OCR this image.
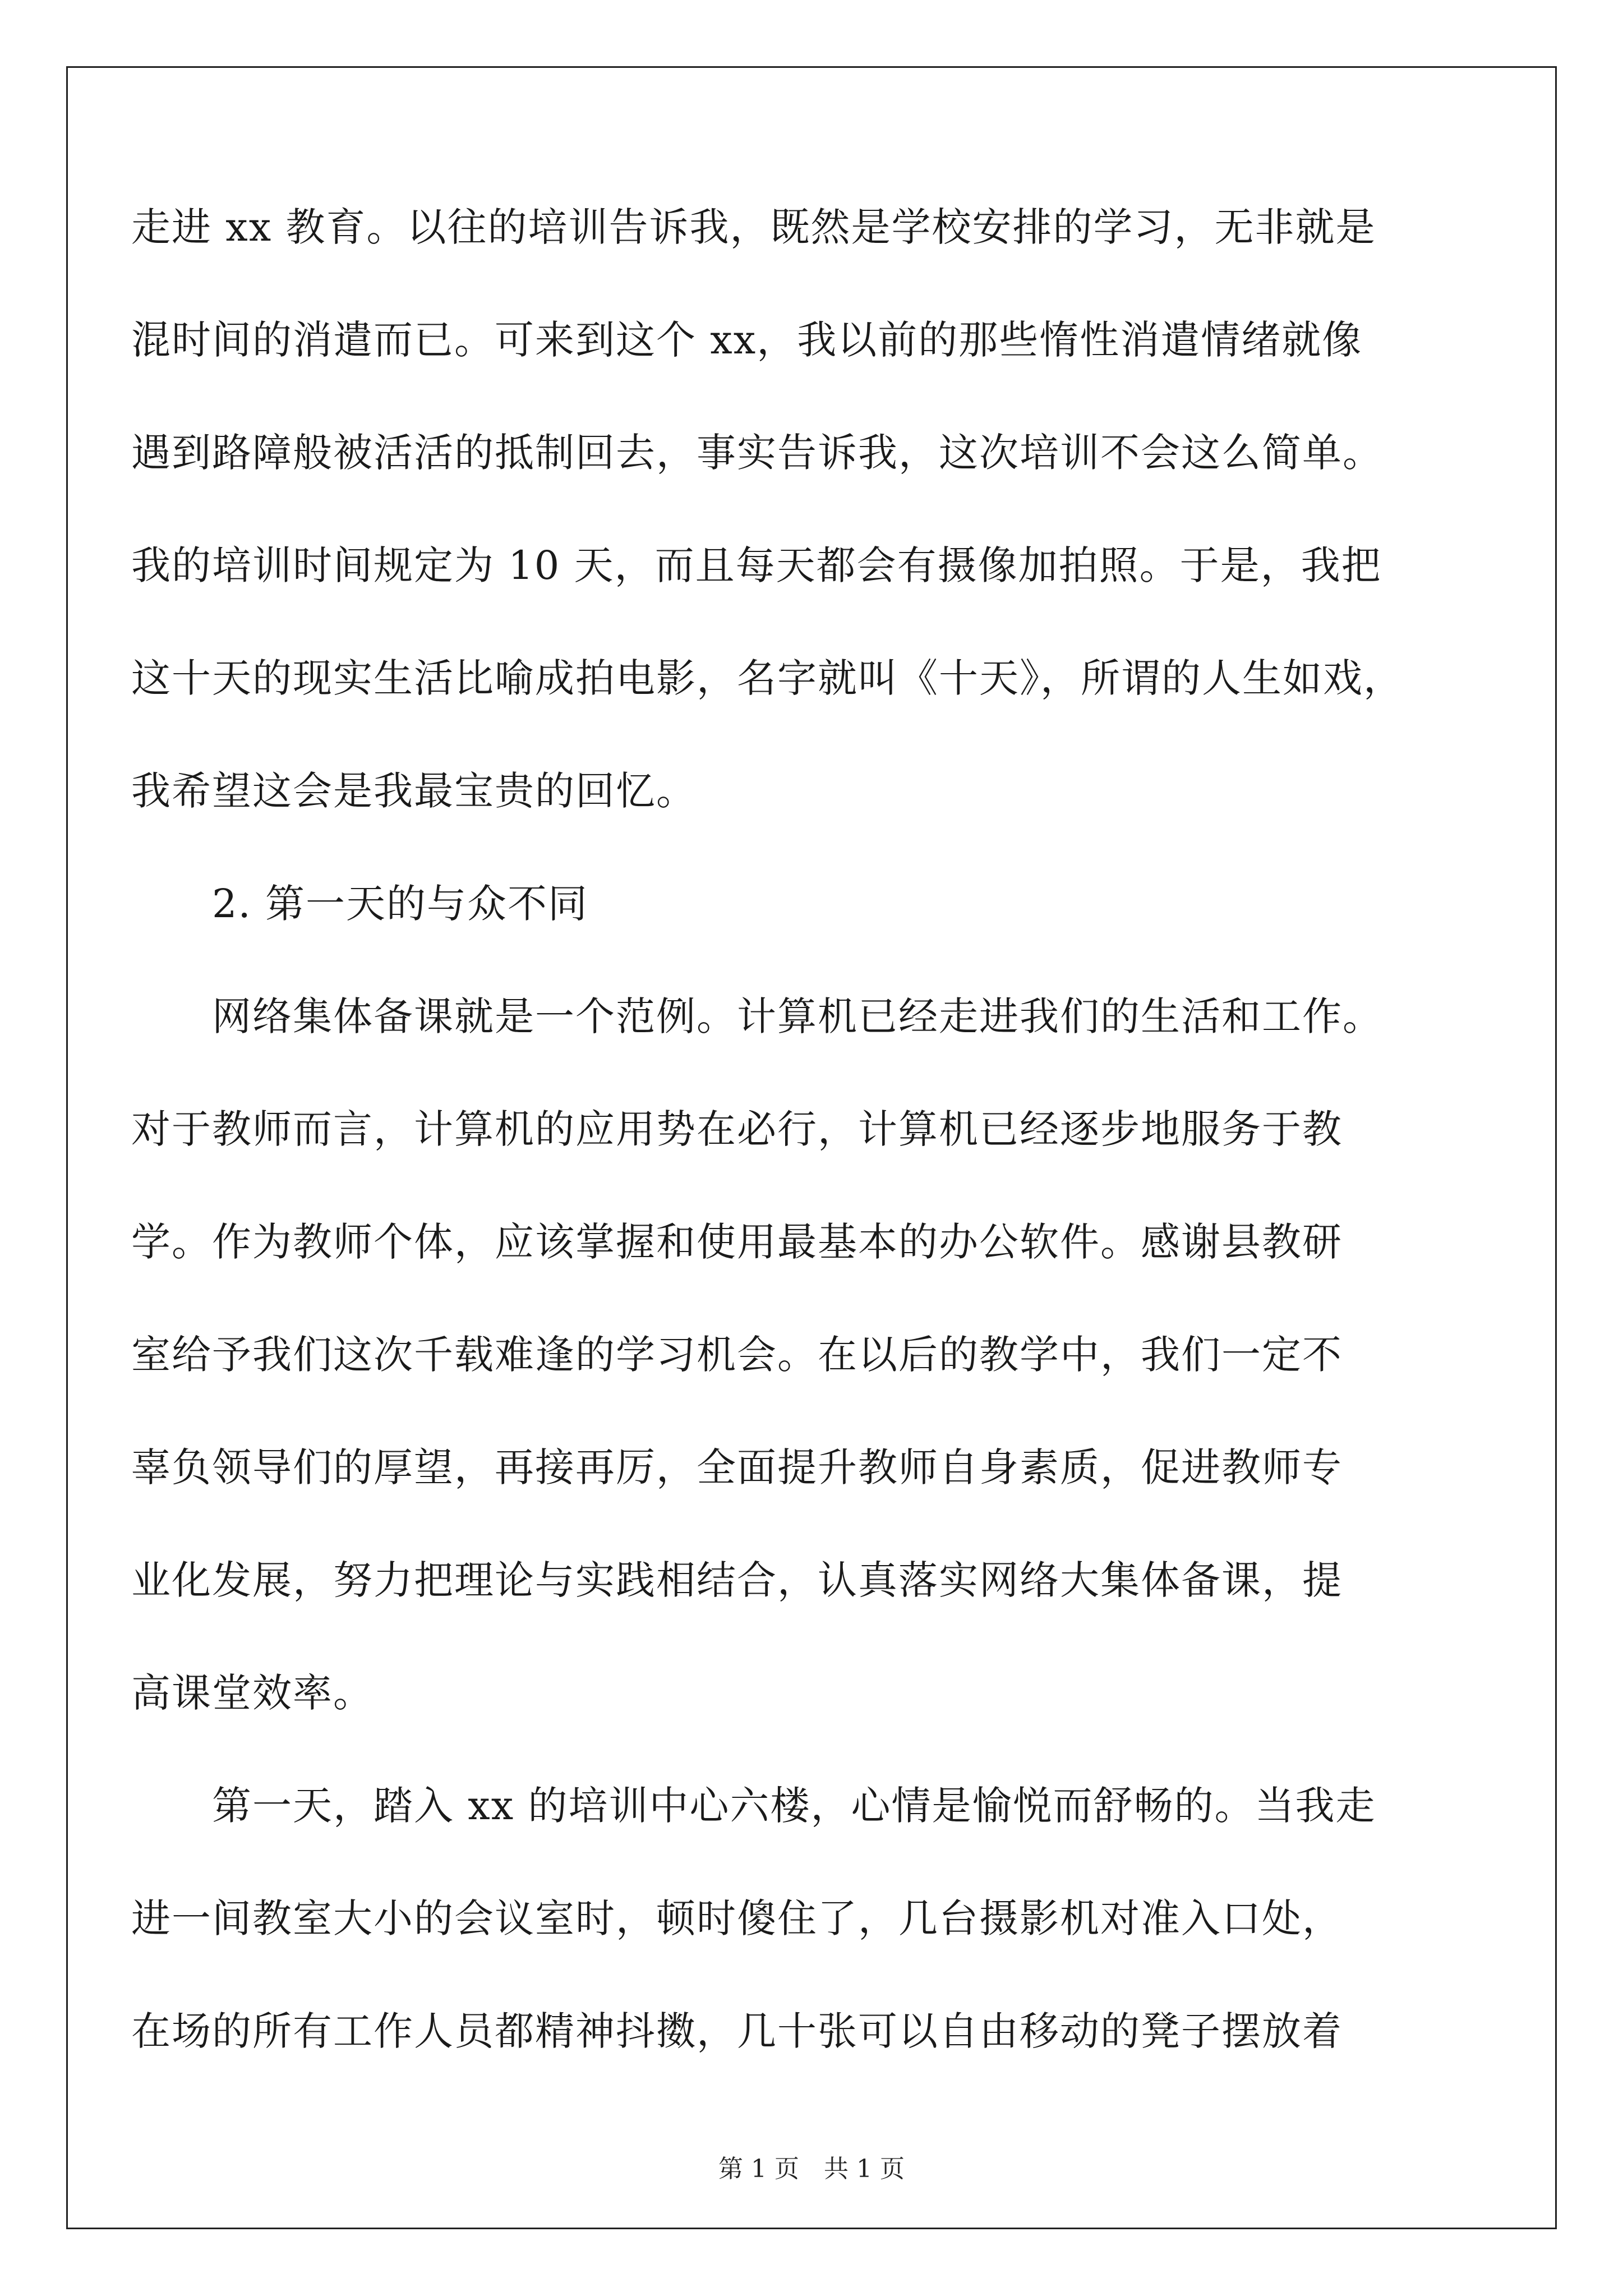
走进 xx 教育。以往的培训告诉我，既然是学校安排的学习，无非就是
混时间的消遣而已。可来到这个 xx，我以前的那些惰性消遣情绪就像
遇到路障般被活活的抵制回去，事实告诉我，这次培训不会这么简单。
我的培训时间规定为 10 天，而且每天都会有摄像加拍照。于是，我把
这十天的现实生活比喻成拍电影，名字就叫《十天》，所谓的人生如戏，
我希望这会是我最宝贵的回忆。
2. 第一天的与众不同
网络集体备课就是一个范例。计算机已经走进我们的生活和工作。
对于教师而言，计算机的应用势在必行，计算机已经逐步地服务于教
学。作为教师个体，应该掌握和使用最基本的办公软件。感谢县教研
室给予我们这次千载难逢的学习机会。在以后的教学中，我们一定不
辜负领导们的厚望，再接再厉，全面提升教师自身素质，促进教师专
业化发展，努力把理论与实践相结合，认真落实网络大集体备课，提
高课堂效率。
第一天，踏入 xx 的培训中心六楼，心情是愉悦而舒畅的。当我走
进一间教室大小的会议室时，顿时傻住了，几台摄影机对准入口处，
在场的所有工作人员都精神抖擞，几十张可以自由移动的凳子摆放着
第 1 页　共 1 页
